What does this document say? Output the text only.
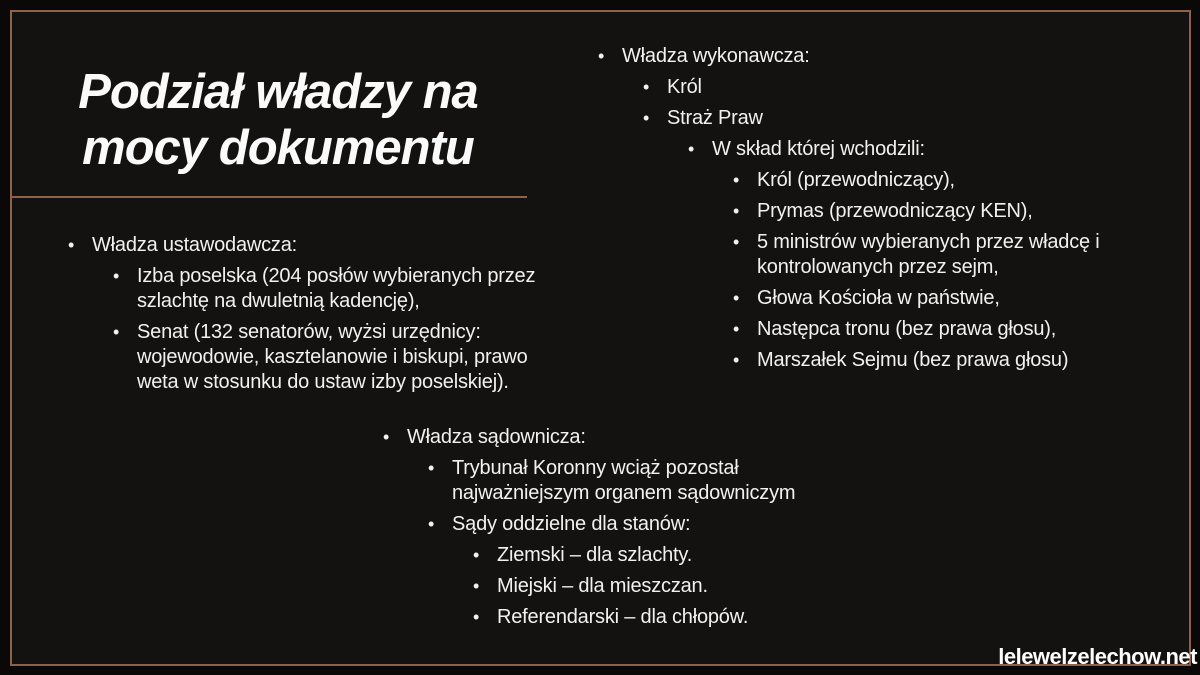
Podział władzy na
mocy dokumentu
• Władza wykonawcza:
• Król
• Straż Praw
• W skład której wchodzili:
• Król (przewodniczący),
• Prymas (przewodniczący KEN),
• 5 ministrów wybieranych przez władcę i kontrolowanych przez sejm,
• Głowa Kościoła w państwie,
• Następca tronu (bez prawa głosu),
• Marszałek Sejmu (bez prawa głosu)
• Władza ustawodawcza:
• Izba poselska (204 posłów wybieranych przez szlachtę na dwuletnią kadencję),
• Senat (132 senatorów, wyżsi urzędnicy: wojewodowie, kasztelanowie i biskupi, prawo weta w stosunku do ustaw izby poselskiej).
• Władza sądownicza:
• Trybunał Koronny wciąż pozostał najważniejszym organem sądowniczym
• Sądy oddzielne dla stanów:
• Ziemski – dla szlachty.
• Miejski – dla mieszczan.
• Referendarski – dla chłopów.
lelewelzelechow.net
